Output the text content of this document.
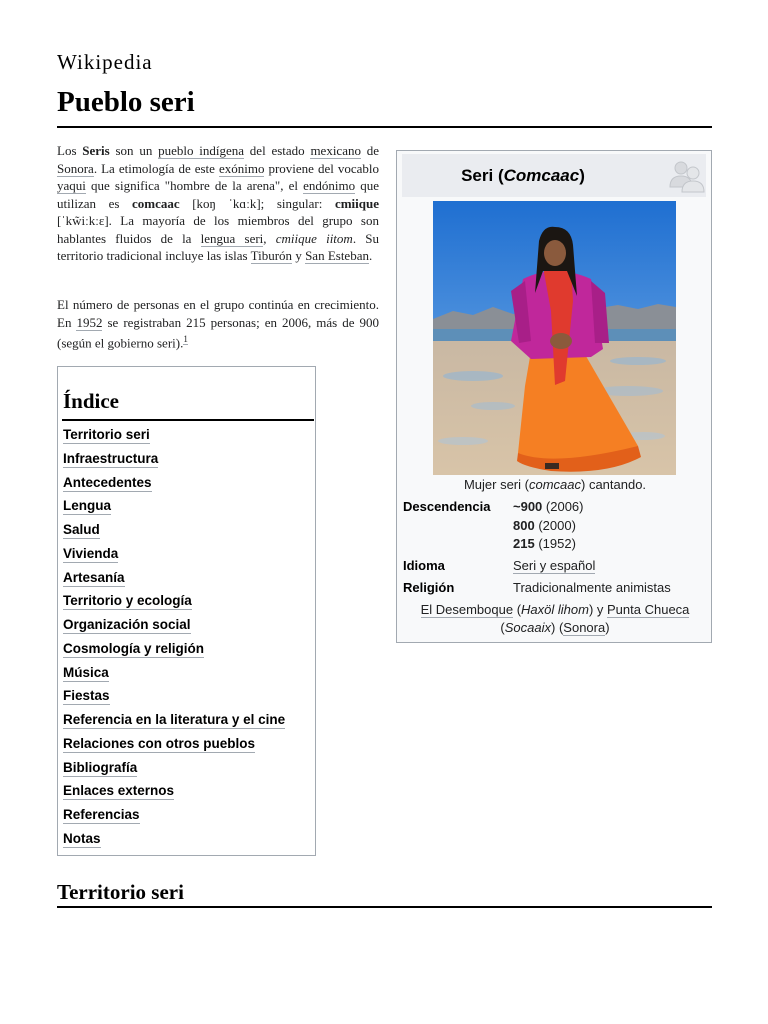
Wikipedia
Pueblo seri

Los Seris son un pueblo indígena del estado mexicano de Sonora. La etimología de este exónimo proviene del vocablo yaqui que significa "hombre de la arena", el endónimo que utilizan es comcaac [koŋ ˈkɑːk]; singular: cmiique [ˈkw̃iːkːɛ]. La mayoría de los miembros del grupo son hablantes fluidos de la lengua seri, cmiique iitom. Su territorio tradicional incluye las islas Tiburón y San Esteban.

El número de personas en el grupo continúa en crecimiento. En 1952 se registraban 215 personas; en 2006, más de 900 (según el gobierno seri).$^1$

Índice
Territorio seri
Infraestructura
Antecedentes
Lengua
Salud
Vivienda
Artesanía
Territorio y ecología
Organización social
Cosmología y religión
Música
Fiestas
Referencia en la literatura y el cine
Relaciones con otros pueblos
Bibliografía
Enlaces externos
Referencias
Notas
Seri (Comcaac)
Mujer seri (comcaac) cantando.
Descendencia ~900 (2006)
800 (2000)
215 (1952)
Idioma	Seri y español
Religión	Tradicionalmente animistas
El Desemboque (Haxöl lihom) y Punta Chueca
(Socaaix) (Sonora)
Territorio seri
